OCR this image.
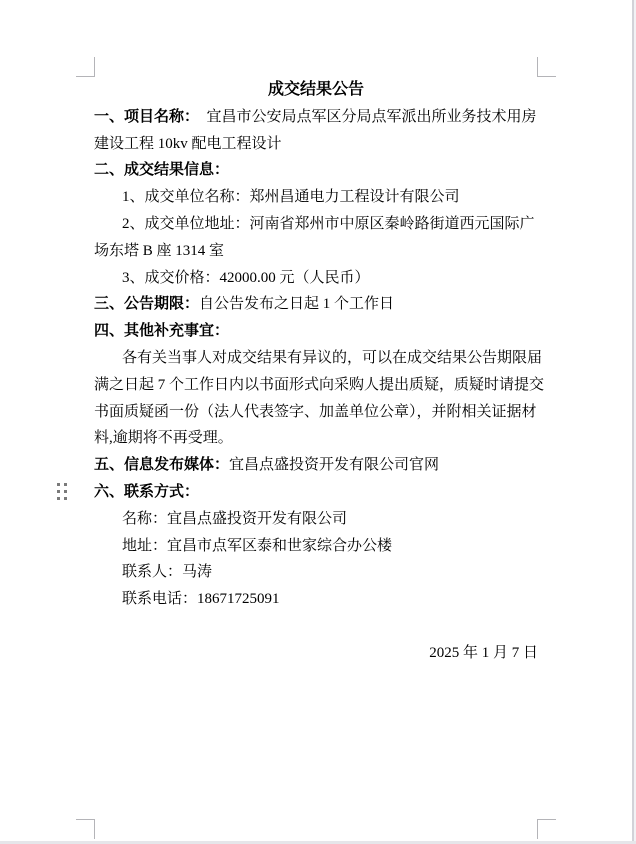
成交结果公告
一、项目名称：　宜昌市公安局点军区分局点军派出所业务技术用房
建设工程 10kv 配电工程设计
二、成交结果信息：
1、成交单位名称：郑州昌通电力工程设计有限公司
2、成交单位地址：河南省郑州市中原区秦岭路街道西元国际广
场东塔 B 座 1314 室
3、成交价格：42000.00 元（人民币）
三、公告期限：自公告发布之日起 1 个工作日
四、其他补充事宜：
各有关当事人对成交结果有异议的，可以在成交结果公告期限届
满之日起 7 个工作日内以书面形式向采购人提出质疑，质疑时请提交
书面质疑函一份（法人代表签字、加盖单位公章），并附相关证据材
料,逾期将不再受理。
五、信息发布媒体：宜昌点盛投资开发有限公司官网
六、联系方式：
名称：宜昌点盛投资开发有限公司
地址：宜昌市点军区泰和世家综合办公楼
联系人：马涛
联系电话：18671725091

2025 年 1 月 7 日
